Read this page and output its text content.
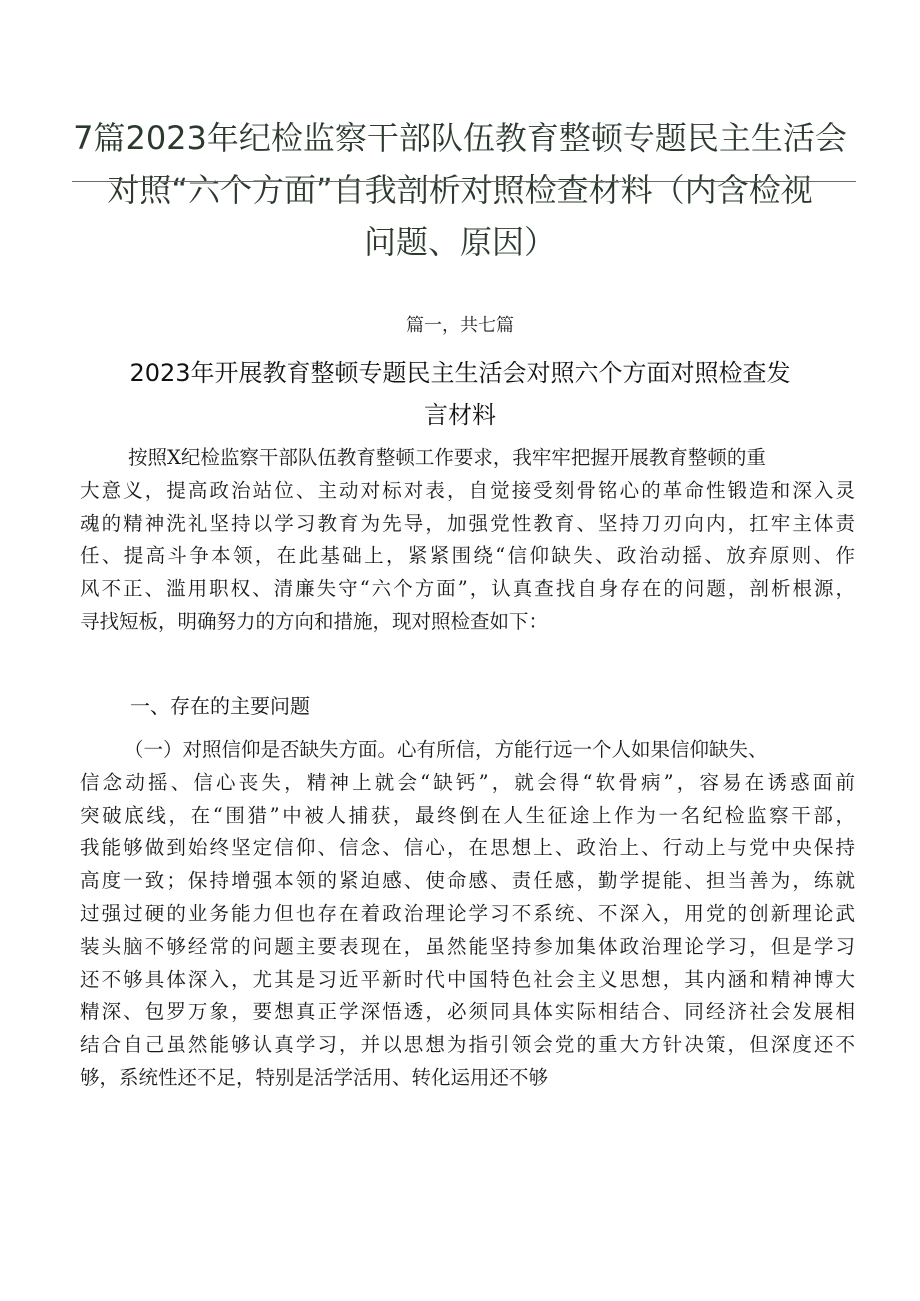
7篇2023年纪检监察干部队伍教育整顿专题民主生活会
对照“六个方面”自我剖析对照检查材料（内含检视
问题、原因）
篇一，共七篇
2023年开展教育整顿专题民主生活会对照六个方面对照检查发
言材料
按照X纪检监察干部队伍教育整顿工作要求，我牢牢把握开展教育整顿的重
大意义，提高政治站位、主动对标对表，自觉接受刻骨铭心的革命性锻造和深入灵
魂的精神洗礼坚持以学习教育为先导，加强党性教育、坚持刀刃向内，扛牢主体责
任、提高斗争本领，在此基础上，紧紧围绕“信仰缺失、政治动摇、放弃原则、作
风不正、滥用职权、清廉失守“六个方面”，认真查找自身存在的问题，剖析根源，
寻找短板，明确努力的方向和措施，现对照检查如下：
一、存在的主要问题
（一）对照信仰是否缺失方面。心有所信，方能行远一个人如果信仰缺失、
信念动摇、信心丧失，精神上就会“缺钙”，就会得“软骨病”，容易在诱惑面前
突破底线，在“围猎”中被人捕获，最终倒在人生征途上作为一名纪检监察干部，
我能够做到始终坚定信仰、信念、信心，在思想上、政治上、行动上与党中央保持
高度一致；保持增强本领的紧迫感、使命感、责任感，勤学提能、担当善为，练就
过强过硬的业务能力但也存在着政治理论学习不系统、不深入，用党的创新理论武
装头脑不够经常的问题主要表现在，虽然能坚持参加集体政治理论学习，但是学习
还不够具体深入，尤其是习近平新时代中国特色社会主义思想，其内涵和精神博大
精深、包罗万象，要想真正学深悟透，必须同具体实际相结合、同经济社会发展相
结合自己虽然能够认真学习，并以思想为指引领会党的重大方针决策，但深度还不
够，系统性还不足，特别是活学活用、转化运用还不够
